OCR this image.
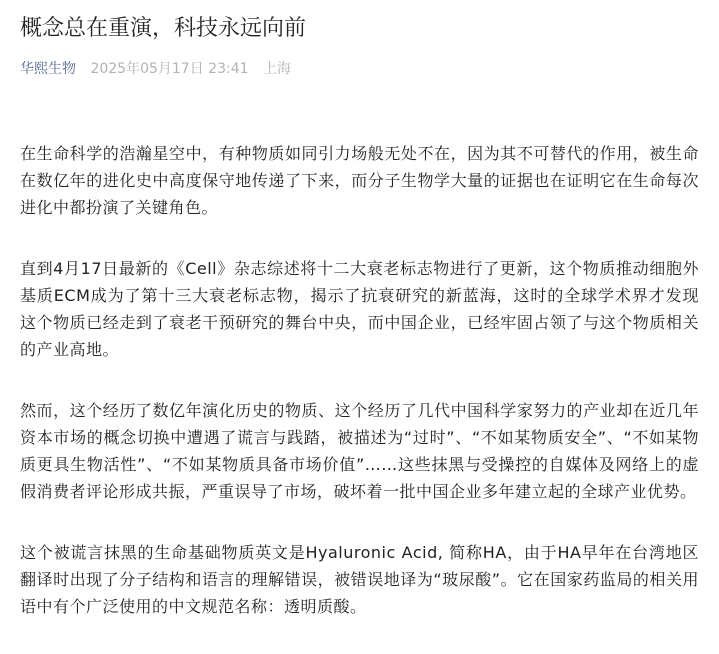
概念总在重演，科技永远向前
华熙生物 2025年05月17日 23:41 上海

在生命科学的浩瀚星空中，有种物质如同引力场般无处不在，因为其不可替代的作用，被生命在数亿年的进化史中高度保守地传递了下来，而分子生物学大量的证据也在证明它在生命每次进化中都扮演了关键角色。

直到4月17日最新的《Cell》杂志综述将十二大衰老标志物进行了更新，这个物质推动细胞外基质ECM成为了第十三大衰老标志物，揭示了抗衰研究的新蓝海，这时的全球学术界才发现这个物质已经走到了衰老干预研究的舞台中央，而中国企业，已经牢固占领了与这个物质相关的产业高地。

然而，这个经历了数亿年演化历史的物质、这个经历了几代中国科学家努力的产业却在近几年资本市场的概念切换中遭遇了谎言与践踏，被描述为“过时”、“不如某物质安全”、“不如某物质更具生物活性”、“不如某物质具备市场价值”……这些抹黑与受操控的自媒体及网络上的虚假消费者评论形成共振，严重误导了市场，破坏着一批中国企业多年建立起的全球产业优势。

这个被谎言抹黑的生命基础物质英文是Hyaluronic Acid, 简称HA，由于HA早年在台湾地区翻译时出现了分子结构和语言的理解错误，被错误地译为“玻尿酸”。它在国家药监局的相关用语中有个广泛使用的中文规范名称：透明质酸。
